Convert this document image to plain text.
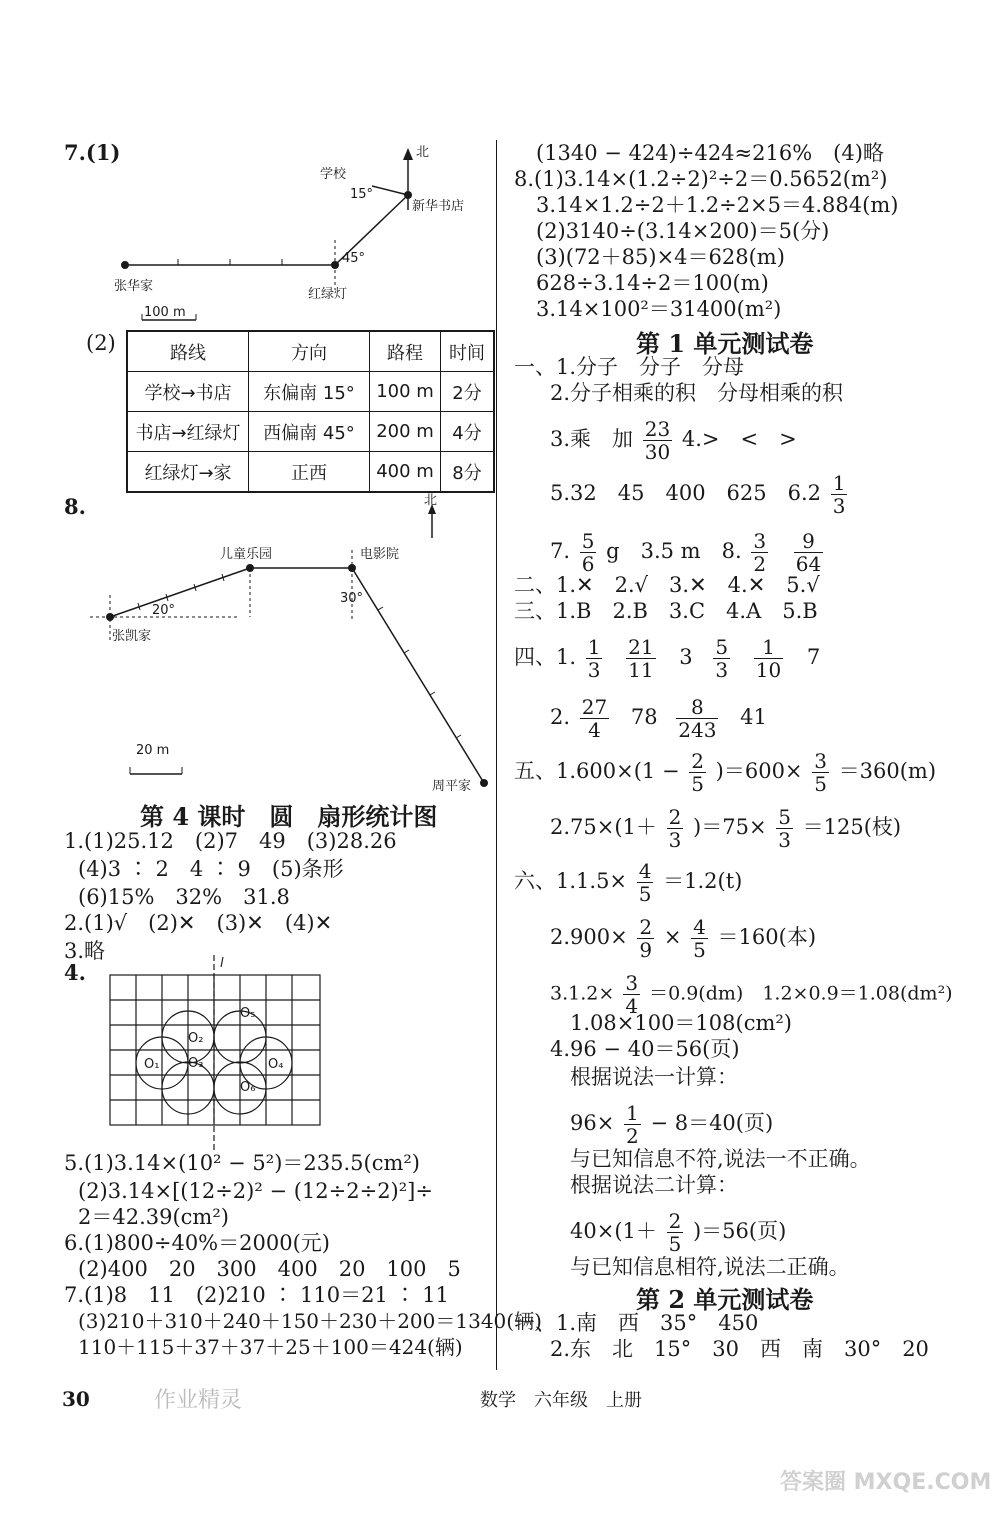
7.(1)	北
学校
15°
新华书店
45°
张华家
红绿灯
100 m
(2)	路线	方向	路程	时间
学校→书店	东偏南 15°	100 m	2分
书店→红绿灯	西偏南 45°	200 m	4分
红绿灯→家	正西	400 m	8分
8.	北
儿童乐园	电影院
20°
30°
张凯家
20 m
周平家
第 4 课时　圆　扇形统计图
1.(1)25.12　(2)7　49　(3)28.26
(4)3 ∶ 2　4 ∶ 9　(5)条形
(6)15%　32%　31.8
2.(1)√　(2)✕　(3)✕　(4)✕
3.略
4.	l
O₁
O₂
O₃	O₄
O₅
O₆
5.(1)3.14×(10² − 5²)＝235.5(cm²)
(2)3.14×[(12÷2)² − (12÷2÷2)²]÷
2＝42.39(cm²)
6.(1)800÷40%＝2000(元)
(2)400　20　300　400　20　100　5
7.(1)8　11　(2)210 ∶ 110＝21 ∶ 11
(3)210＋310＋240＋150＋230＋200＝1340(辆)
110＋115＋37＋37＋25＋100＝424(辆)
(1340 − 424)÷424≈216%　(4)略
8.(1)3.14×(1.2÷2)²÷2＝0.5652(m²)
3.14×1.2÷2＋1.2÷2×5＝4.884(m)
(2)3140÷(3.14×200)＝5(分)
(3)(72＋85)×4＝628(m)
628÷3.14÷2＝100(m)
3.14×100²＝31400(m²)
第 1 单元测试卷
一、1.分子　分子　分母
2.分子相乘的积　分母相乘的积
3.乘　加 $\frac{23}{30} 4.>$　<　>
5.32　45　400　625　$6.2 \frac{1}{3}$
7. $\frac{5}{6}$ g　3.5 m　8. $\frac{3}{2}$
$\frac{9}{64}$
二、1.✕　2.√　3.✕　4.✕　5.√
三、1.B　2.B　3.C　4.A　5.B
四、1. $\frac{1}{3}$
$\frac{21}{11} 3 \frac{5}{3}$
$\frac{1}{10} 7$
2. $\frac{27}{4} 78 \frac{8}{243} 41$
五、$1.600\times(1 - \frac{2}{5} )=600\times \frac{3}{5} =360(m)$
$2.75\times(1+ \frac{2}{3} )=75\times \frac{5}{3} =125$(枝)
六、$1.1.5\times \frac{4}{5} =1.2(t)$
$2.900\times \frac{2}{9} \times \frac{4}{5} =160$(本)
$3.1.2\times \frac{3}{4} =0.9(dm)$　1.2×0.9＝1.08(dm²)
1.08×100＝108(cm²)
4.96 − 40＝56(页)
根据说法一计算：
$96\times \frac{1}{2} - 8=40$(页)
与已知信息不符,说法一不正确。
根据说法二计算：
$40\times(1+ \frac{2}{5} )=56$(页)
与已知信息相符,说法二正确。
第 2 单元测试卷
一、1.南　西　35°　450
2.东　北　15°　30　西　南　30°　20
30	作业精灵	数学　六年级　上册
答案圈 MXQE.COM
